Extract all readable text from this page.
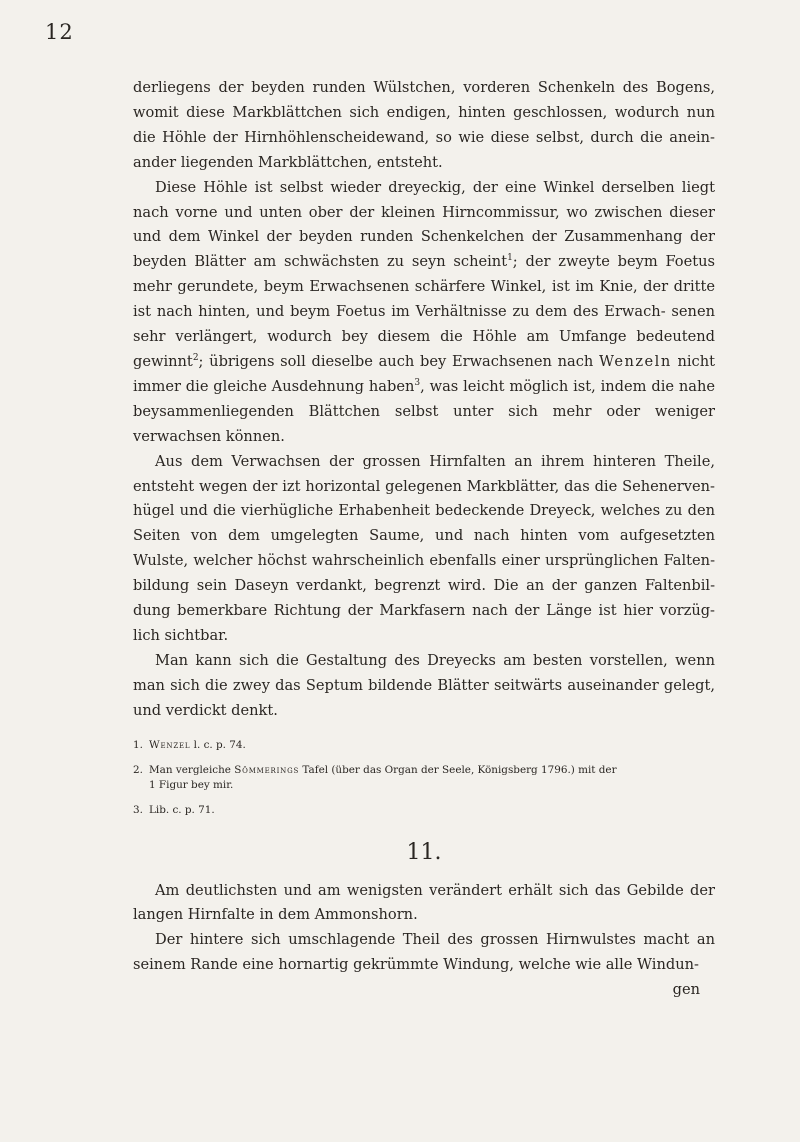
12

derliegens der beyden runden Wülstchen, vorderen Schenkeln des Bogens, womit diese Markblättchen sich endigen, hinten geschlossen, wodurch nun die Höhle der Hirnhöhlenscheidewand, so wie diese selbst, durch die anein- ander liegenden Markblättchen, entsteht.

Diese Höhle ist selbst wieder dreyeckig, der eine Winkel derselben liegt nach vorne und unten ober der kleinen Hirncommissur, wo zwischen dieser und dem Winkel der beyden runden Schenkelchen der Zusammenhang der beyden Blätter am schwächsten zu seyn scheint$^1$; der zweyte beym Foetus mehr gerundete, beym Erwachsenen schärfere Winkel, ist im Knie, der dritte ist nach hinten, und beym Foetus im Verhältnisse zu dem des Erwach- senen sehr verlängert, wodurch bey diesem die Höhle am Umfange bedeutend gewinnt$^2$; übrigens soll dieselbe auch bey Erwachsenen nach Wenzeln nicht immer die gleiche Ausdehnung haben$^3$, was leicht möglich ist, indem die nahe beysammenliegenden Blättchen selbst unter sich mehr oder weniger verwachsen können.

Aus dem Verwachsen der grossen Hirnfalten an ihrem hinteren Theile, entsteht wegen der izt horizontal gelegenen Markblätter, das die Sehenerven- hügel und die vierhügliche Erhabenheit bedeckende Dreyeck, welches zu den Seiten von dem umgelegten Saume, und nach hinten vom aufgesetzten Wulste, welcher höchst wahrscheinlich ebenfalls einer ursprünglichen Falten- bildung sein Daseyn verdankt, begrenzt wird. Die an der ganzen Faltenbil- dung bemerkbare Richtung der Markfasern nach der Länge ist hier vorzüg- lich sichtbar.

Man kann sich die Gestaltung des Dreyecks am besten vorstellen, wenn man sich die zwey das Septum bildende Blätter seitwärts auseinander gelegt, und verdickt denkt.

1. Wenzel l. c. p. 74.

2. Man vergleiche Sömmerings Tafel (über das Organ der Seele, Königsberg 1796.) mit der
1 Figur bey mir.

3. Lib. c. p. 71.

11.

Am deutlichsten und am wenigsten verändert erhält sich das Gebilde der langen Hirnfalte in dem Ammonshorn.

Der hintere sich umschlagende Theil des grossen Hirnwulstes macht an seinem Rande eine hornartig gekrümmte Windung, welche wie alle Windun-

gen
